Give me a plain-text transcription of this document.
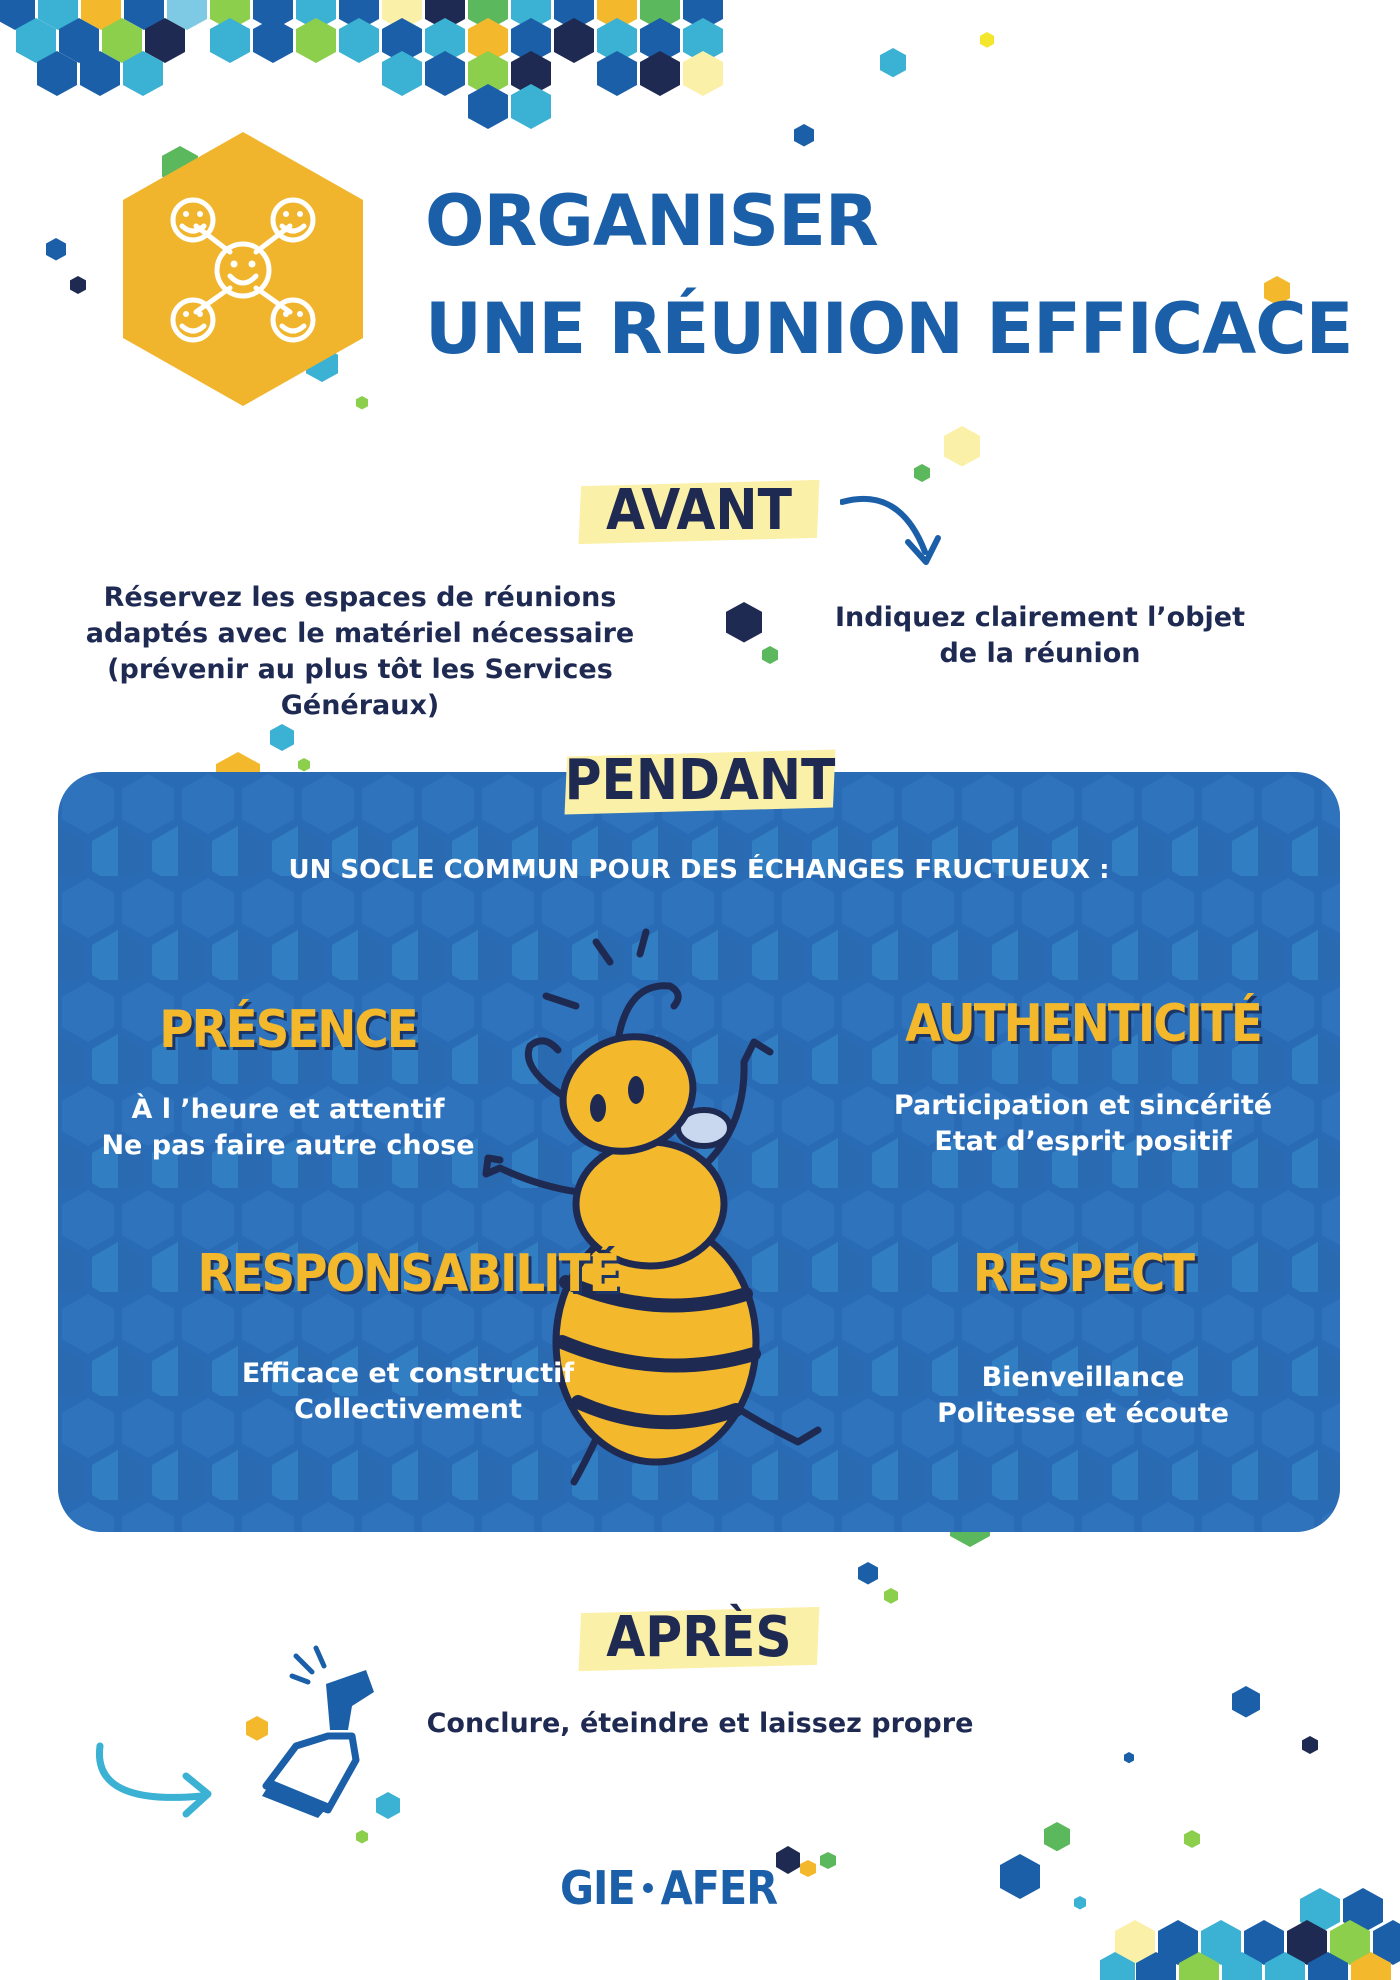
ORGANISER
UNE RÉUNION EFFICACE
AVANT
Réservez les espaces de réunions
adaptés avec le matériel nécessaire
(prévenir au plus tôt les Services Généraux)
Indiquez clairement l’objet
de la réunion
UN SOCLE COMMUN POUR DES ÉCHANGES FRUCTUEUX :
PRÉSENCE
À l ’heure et attentif
Ne pas faire autre chose
AUTHENTICITÉ
Participation et sincérité
Etat d’esprit positif
RESPONSABILITÉ
Efficace et constructif
Collectivement
RESPECT
Bienveillance
Politesse et écoute
PENDANT
APRÈS
Conclure, éteindre et laissez propre
GIE AFER
